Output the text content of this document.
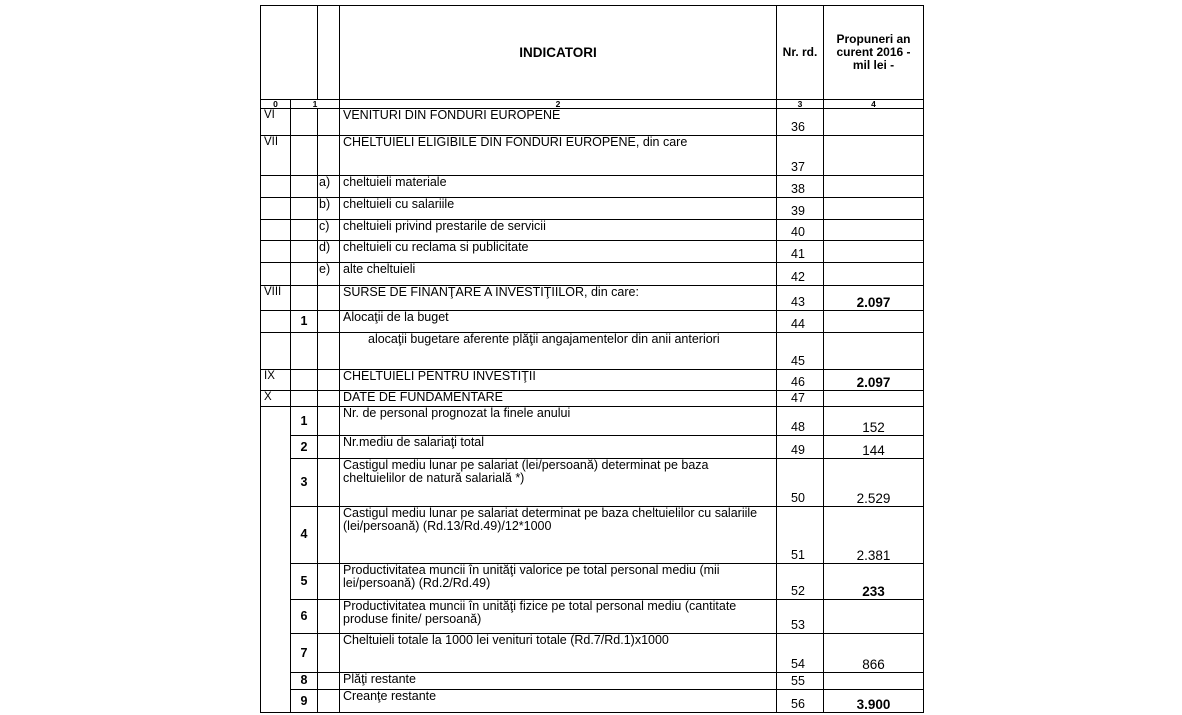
			INDICATORI	Nr. rd.	Propuneri an curent 2016 - mil lei -
0	1		2	3	4
VI			VENITURI DIN FONDURI EUROPENE	36	
VII			CHELTUIELI ELIGIBILE DIN FONDURI EUROPENE, din care	37	
		a)	cheltuieli materiale	38	
		b)	cheltuieli cu salariile	39	
		c)	cheltuieli privind prestarile de servicii	40	
		d)	cheltuieli cu reclama si publicitate	41	
		e)	alte cheltuieli	42	
VIII			SURSE DE FINANŢARE A INVESTIŢIILOR, din care:	43	2.097
	1		Alocaţii de la buget	44	
			alocaţii bugetare aferente plăţii angajamentelor din anii anteriori	45	
IX			CHELTUIELI PENTRU INVESTIŢII	46	2.097
X			DATE DE FUNDAMENTARE	47	
	1		Nr. de personal prognozat la finele anului	48	152
	2		Nr.mediu de salariaţi total	49	144
	3		Castigul mediu lunar pe salariat (lei/persoană) determinat pe baza cheltuielilor de natură salarială *)	50	2.529
	4		Castigul mediu lunar pe salariat determinat pe baza cheltuielilor cu salariile (lei/persoană) (Rd.13/Rd.49)/12*1000	51	2.381
	5		Productivitatea muncii în unităţi valorice pe total personal mediu (mii lei/persoană) (Rd.2/Rd.49)	52	233
	6		Productivitatea muncii în unităţi fizice pe total personal mediu (cantitate produse finite/ persoană)	53	
	7		Cheltuieli totale la 1000 lei venituri totale (Rd.7/Rd.1)x1000	54	866
	8		Plăţi restante	55	
	9		Creanţe restante	56	3.900
